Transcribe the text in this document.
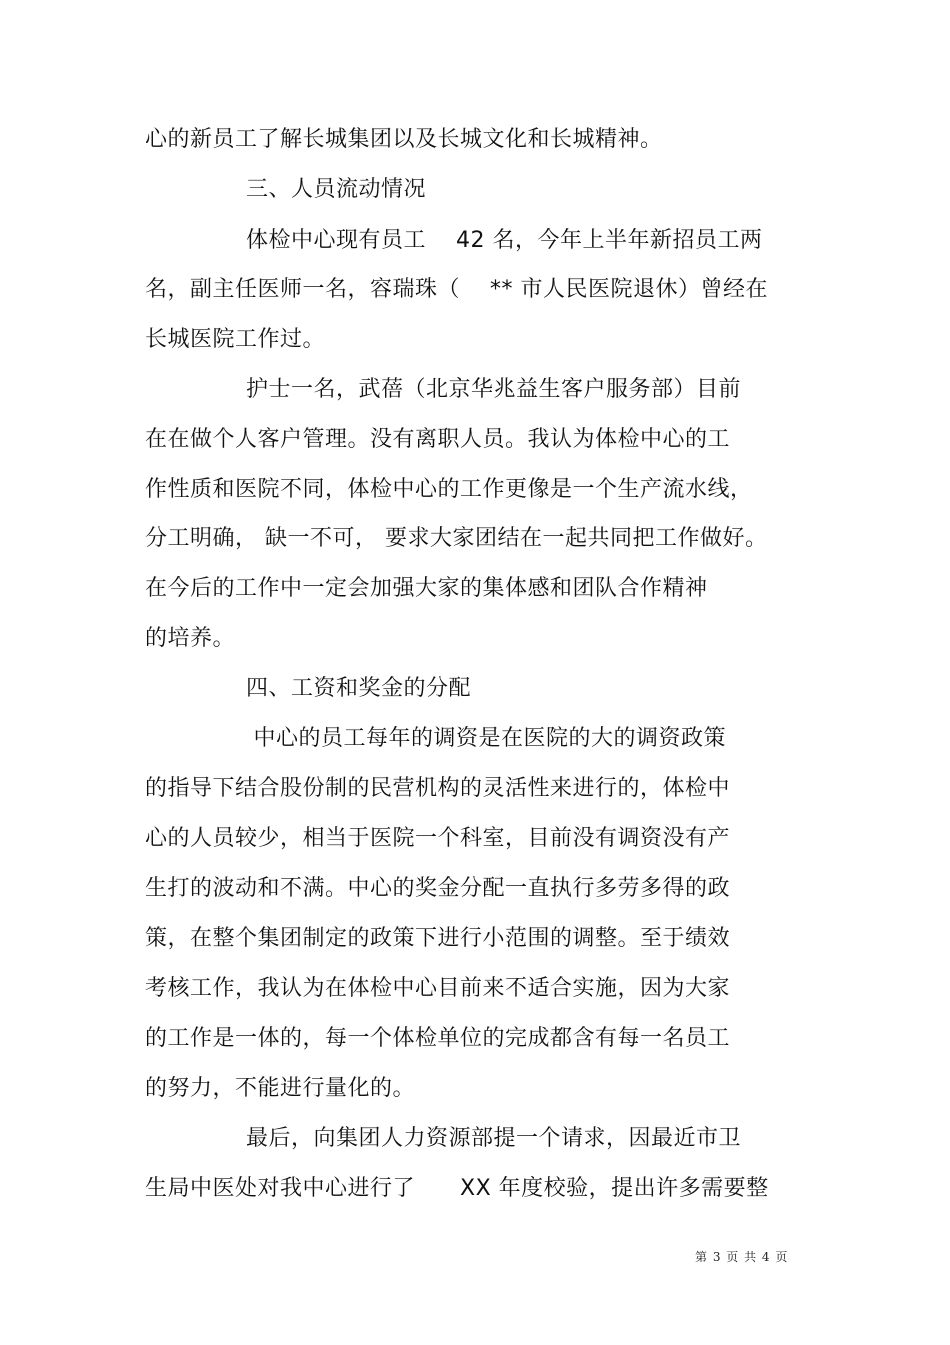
心的新员工了解长城集团以及长城文化和长城精神。
三、人员流动情况
体检中心现有员工　 42 名，今年上半年新招员工两
名，副主任医师一名，容瑞珠（　 ** 市人民医院退休）曾经在
长城医院工作过。
护士一名，武蓓（北京华兆益生客户服务部）目前
在在做个人客户管理。没有离职人员。我认为体检中心的工
作性质和医院不同，体检中心的工作更像是一个生产流水线，
分工明确， 缺一不可， 要求大家团结在一起共同把工作做好。
在今后的工作中一定会加强大家的集体感和团队合作精神
的培养。
四、工资和奖金的分配
中心的员工每年的调资是在医院的大的调资政策
的指导下结合股份制的民营机构的灵活性来进行的，体检中
心的人员较少，相当于医院一个科室，目前没有调资没有产
生打的波动和不满。中心的奖金分配一直执行多劳多得的政
策，在整个集团制定的政策下进行小范围的调整。至于绩效
考核工作，我认为在体检中心目前来不适合实施，因为大家
的工作是一体的，每一个体检单位的完成都含有每一名员工
的努力，不能进行量化的。
最后，向集团人力资源部提一个请求，因最近市卫
生局中医处对我中心进行了　　XX 年度校验，提出许多需要整
第 3 页 共 4 页
